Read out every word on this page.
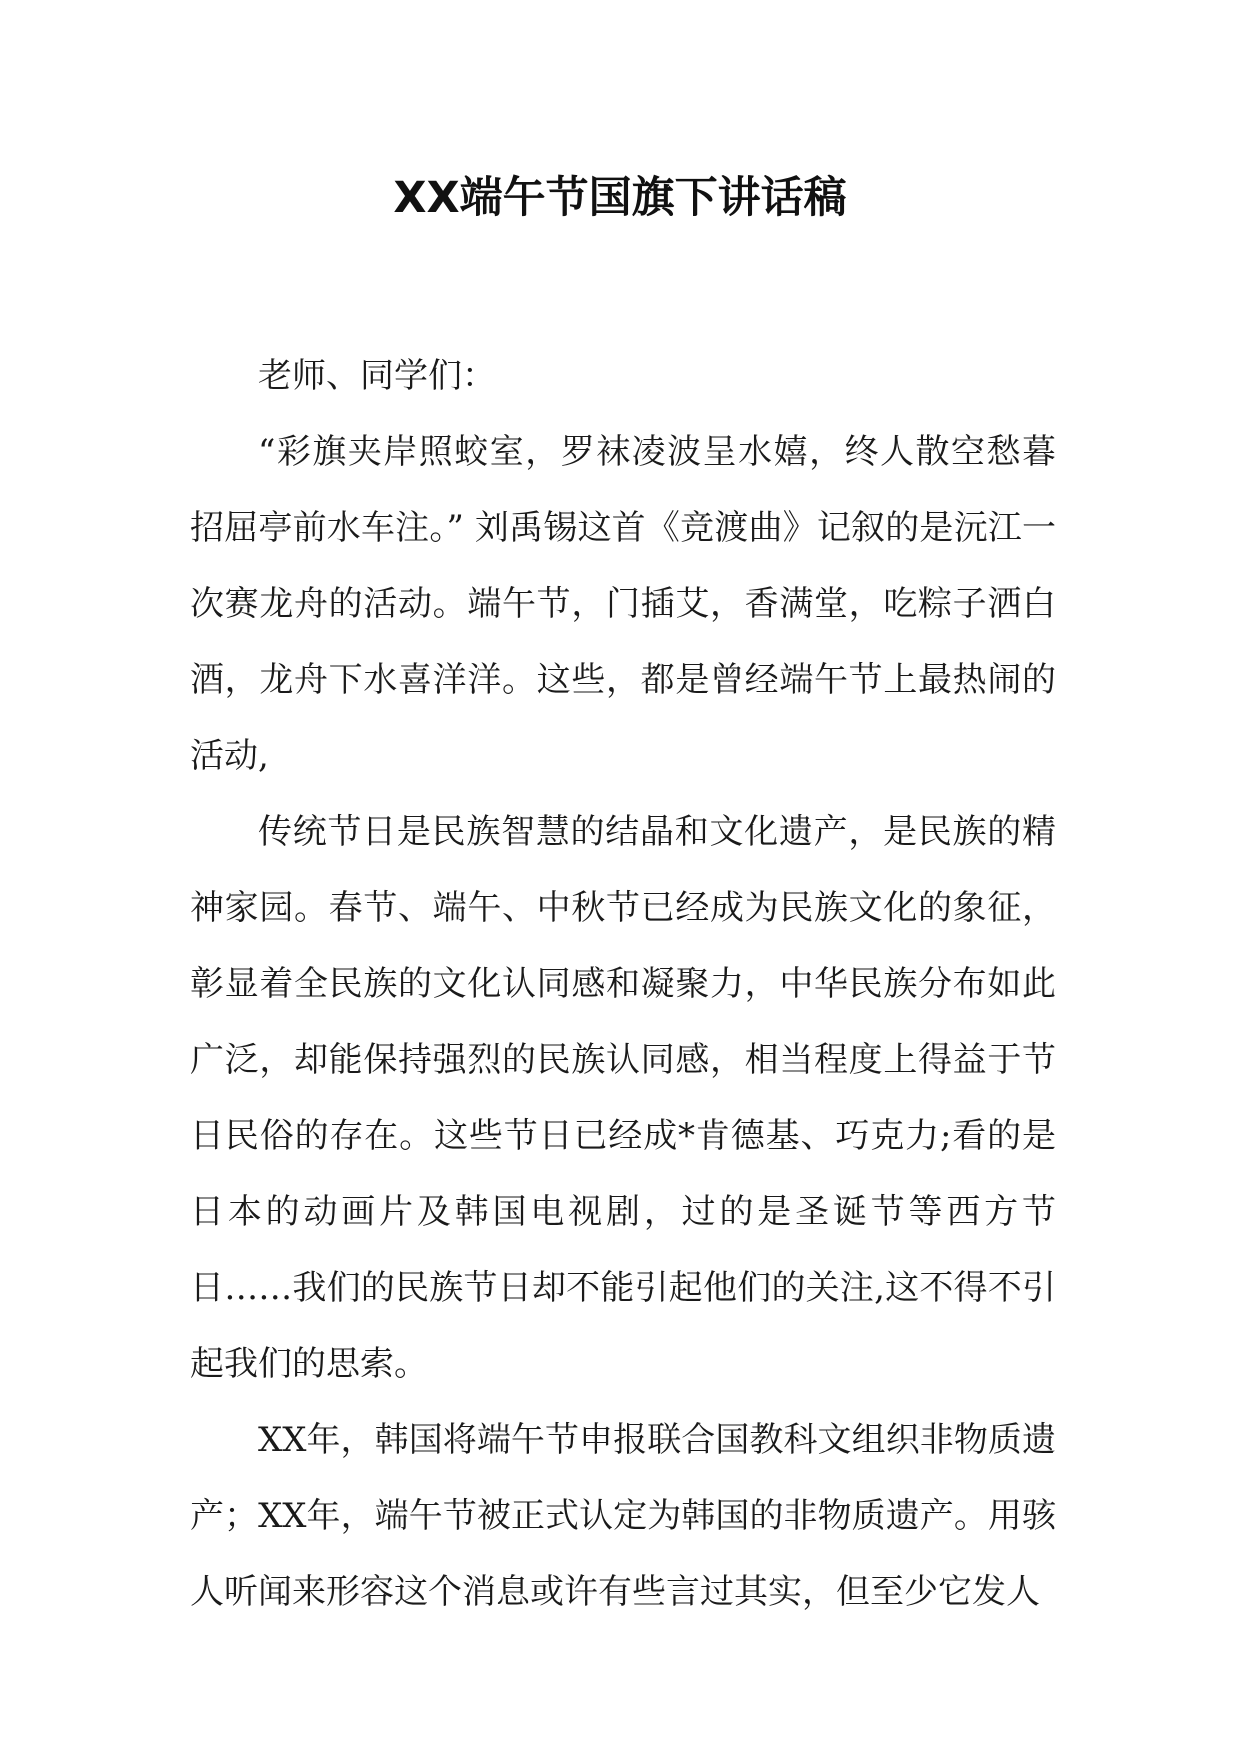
XX端午节国旗下讲话稿

老师、同学们：

“彩旗夹岸照蛟室，罗袜凌波呈水嬉，终人散空愁暮 招屈亭前水车注。” 刘禹锡这首《竞渡曲》记叙的是沅江一次赛龙舟的活动。端午节，门插艾，香满堂，吃粽子洒白酒，龙舟下水喜洋洋。这些，都是曾经端午节上最热闹的活动,

传统节日是民族智慧的结晶和文化遗产，是民族的精神家园。春节、端午、中秋节已经成为民族文化的象征，彰显着全民族的文化认同感和凝聚力，中华民族分布如此广泛，却能保持强烈的民族认同感，相当程度上得益于节日民俗的存在。这些节日已经成*肯德基、巧克力;看的是日本的动画片及韩国电视剧，过的是圣诞节等西方节日……我们的民族节日却不能引起他们的关注,这不得不引起我们的思索。

XX年，韩国将端午节申报联合国教科文组织非物质遗产；XX年，端午节被正式认定为韩国的非物质遗产。用骇人听闻来形容这个消息或许有些言过其实，但至少它发人
